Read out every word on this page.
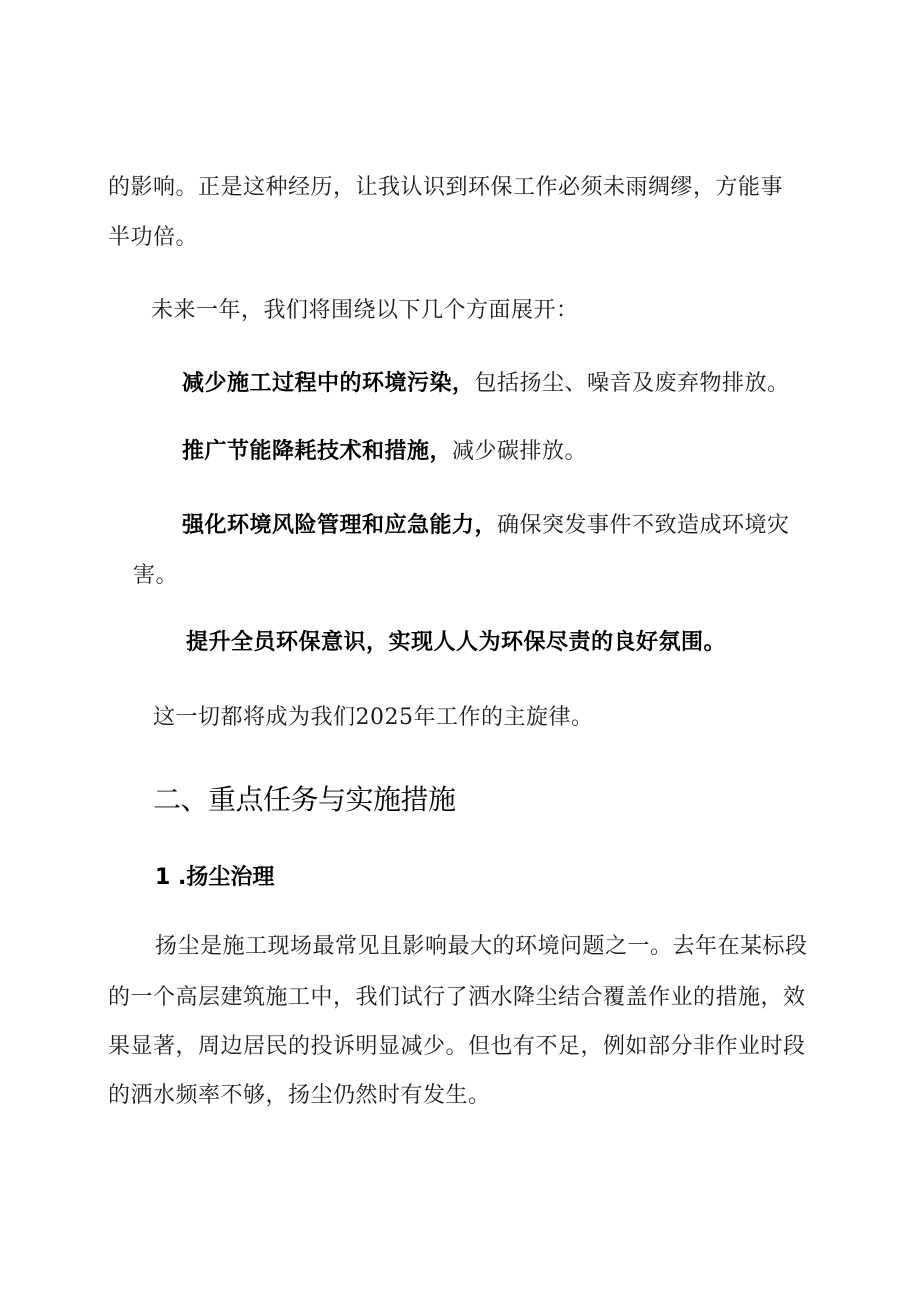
的影响。正是这种经历，让我认识到环保工作必须未雨绸缪，方能事
半功倍。
未来一年，我们将围绕以下几个方面展开：
减少施工过程中的环境污染，包括扬尘、噪音及废弃物排放。
推广节能降耗技术和措施，减少碳排放。
强化环境风险管理和应急能力，确保突发事件不致造成环境灾
害。
提升全员环保意识，实现人人为环保尽责的良好氛围。
这一切都将成为我们2025年工作的主旋律。
二、重点任务与实施措施
1 .扬尘治理
扬尘是施工现场最常见且影响最大的环境问题之一。去年在某标段
的一个高层建筑施工中，我们试行了洒水降尘结合覆盖作业的措施，效
果显著，周边居民的投诉明显减少。但也有不足，例如部分非作业时段
的洒水频率不够，扬尘仍然时有发生。
